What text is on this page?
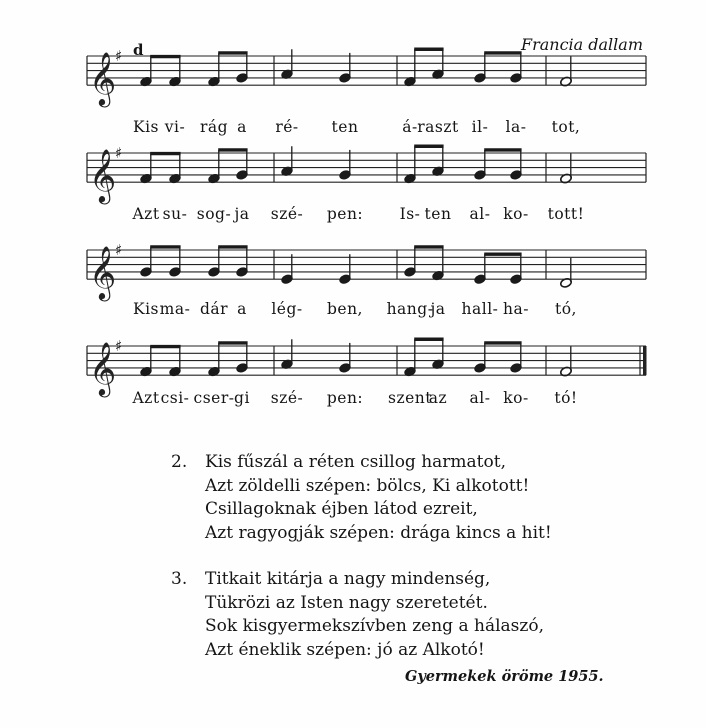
d	Francia dallam
𝄞
♯
𝄞
♯
𝄞
♯
𝄞
♯
Kis vi- rág a ré- ten	á- raszt il- la- tot,
Azt su- sog- ja szé- pen: Is- ten al- ko- tott!
Kis ma- dár a lég- ben, hang-
ja hall- ha- tó,
Azt csi- cser- gi szé- pen: szent
az al- ko- tó!
2. Kis fűszál a réten csillog harmatot,
Azt zöldelli szépen: bölcs, Ki alkotott!
Csillagoknak éjben látod ezreit,
Azt ragyogják szépen: drága kincs a hit!
3. Titkait kitárja a nagy mindenség,
Tükrözi az Isten nagy szeretetét.
Sok kisgyermekszívben zeng a hálaszó,
Azt éneklik szépen: jó az Alkotó!
Gyermekek öröme 1955.
